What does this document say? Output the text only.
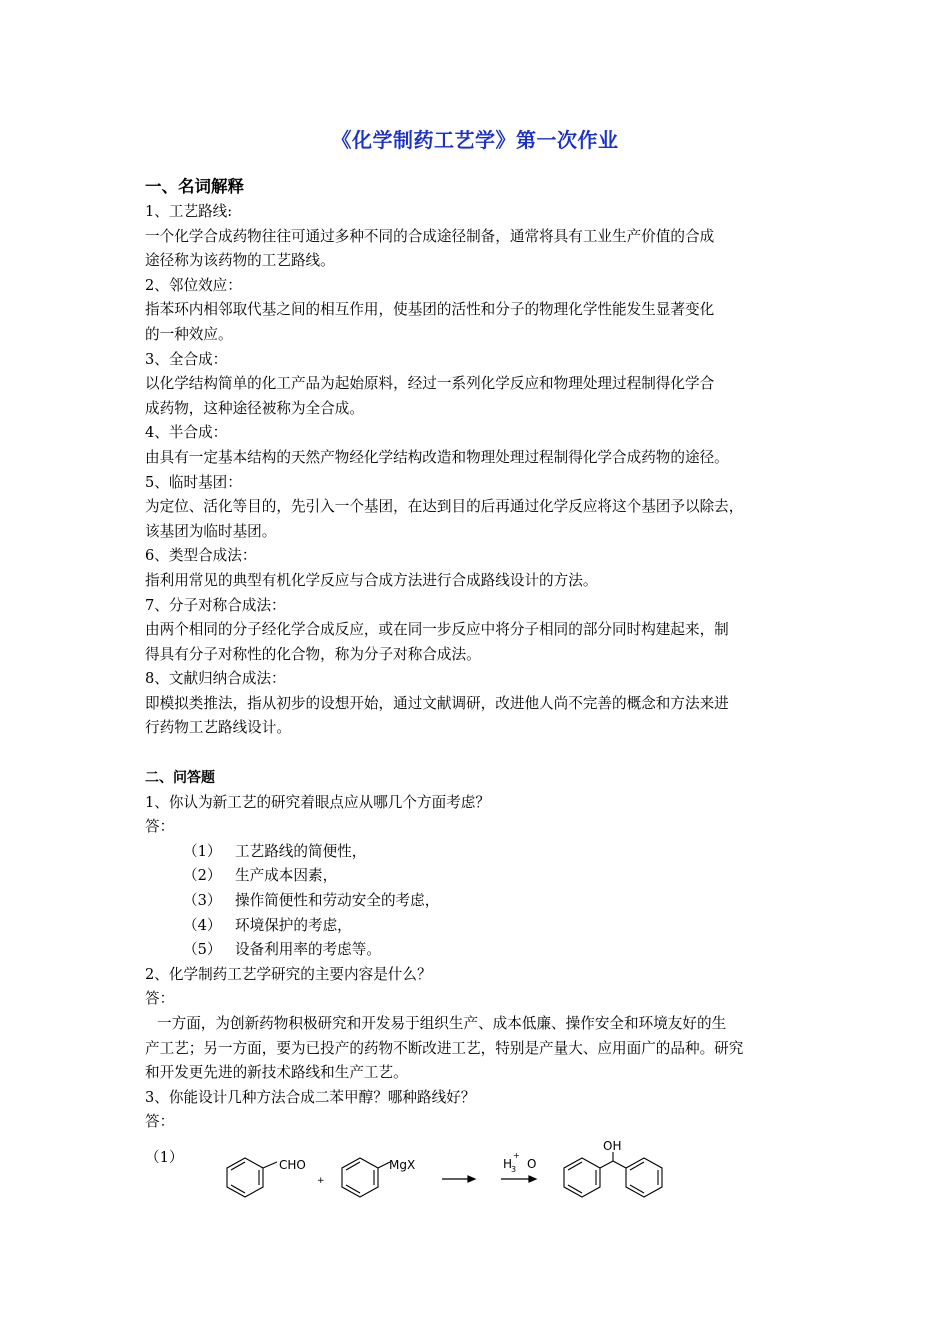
《化学制药工艺学》第一次作业
一、名词解释
1、工艺路线:
一个化学合成药物往往可通过多种不同的合成途径制备，通常将具有工业生产价值的合成
途径称为该药物的工艺路线。
2、邻位效应：
指苯环内相邻取代基之间的相互作用，使基团的活性和分子的物理化学性能发生显著变化
的一种效应。
3、全合成：
以化学结构简单的化工产品为起始原料，经过一系列化学反应和物理处理过程制得化学合
成药物，这种途径被称为全合成。
4、半合成：
由具有一定基本结构的天然产物经化学结构改造和物理处理过程制得化学合成药物的途径。
5、临时基团：
为定位、活化等目的，先引入一个基团，在达到目的后再通过化学反应将这个基团予以除去，
该基团为临时基团。
6、类型合成法：
指利用常见的典型有机化学反应与合成方法进行合成路线设计的方法。
7、分子对称合成法：
由两个相同的分子经化学合成反应，或在同一步反应中将分子相同的部分同时构建起来，制
得具有分子对称性的化合物，称为分子对称合成法。
8、文献归纳合成法：
即模拟类推法，指从初步的设想开始，通过文献调研，改进他人尚不完善的概念和方法来进
行药物工艺路线设计。
二、问答题
1、你认为新工艺的研究着眼点应从哪几个方面考虑？
答：
（1） 工艺路线的简便性，
（2） 生产成本因素，
（3） 操作简便性和劳动安全的考虑，
（4） 环境保护的考虑，
（5） 设备利用率的考虑等。
2、化学制药工艺学研究的主要内容是什么？
答：
一方面，为创新药物积极研究和开发易于组织生产、成本低廉、操作安全和环境友好的生
产工艺；另一方面，要为已投产的药物不断改进工艺，特别是产量大、应用面广的品种。研究
和开发更先进的新技术路线和生产工艺。
3、你能设计几种方法合成二苯甲醇？哪种路线好？
答：
（1）	CHO
+
MgX	H
3
+
O
OH
